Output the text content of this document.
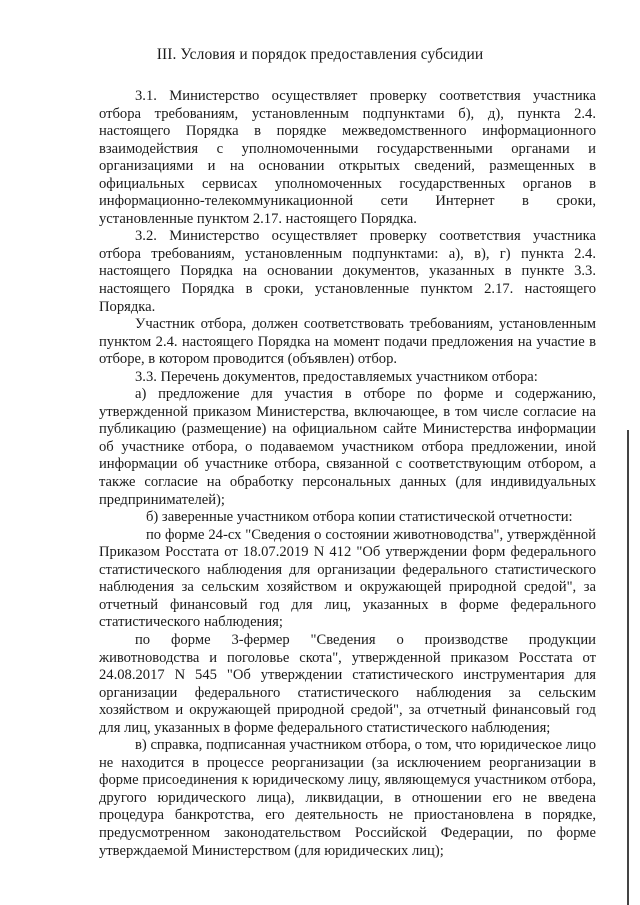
III. Условия и порядок предоставления субсидии

3.1. Министерство осуществляет проверку соответствия участника отбора требованиям, установленным подпунктами б), д), пункта 2.4. настоящего Порядка в порядке межведомственного информационного взаимодействия с уполномоченными государственными органами и организациями и на основании открытых сведений, размещенных в официальных сервисах уполномоченных государственных органов в информационно-телекоммуникационной сети Интернет в сроки, установленные пунктом 2.17. настоящего Порядка.

3.2. Министерство осуществляет проверку соответствия участника отбора требованиям, установленным подпунктами: а), в), г) пункта 2.4. настоящего Порядка на основании документов, указанных в пункте 3.3. настоящего Порядка в сроки, установленные пунктом 2.17. настоящего Порядка.

Участник отбора, должен соответствовать требованиям, установленным пунктом 2.4. настоящего Порядка на момент подачи предложения на участие в отборе, в котором проводится (объявлен) отбор.

3.3. Перечень документов, предоставляемых участником отбора:

а) предложение для участия в отборе по форме и содержанию, утвержденной приказом Министерства, включающее, в том числе согласие на публикацию (размещение) на официальном сайте Министерства информации об участнике отбора, о подаваемом участником отбора предложении, иной информации об участнике отбора, связанной с соответствующим отбором, а также согласие на обработку персональных данных (для индивидуальных предпринимателей);

б) заверенные участником отбора копии статистической отчетности:

по форме 24-сх "Сведения о состоянии животноводства", утверждённой Приказом Росстата от 18.07.2019 N 412 "Об утверждении форм федерального статистического наблюдения для организации федерального статистического наблюдения за сельским хозяйством и окружающей природной средой", за отчетный финансовый год для лиц, указанных в форме федерального статистического наблюдения;

по форме 3-фермер "Сведения о производстве продукции животноводства и поголовье скота", утвержденной приказом Росстата от 24.08.2017 N 545 "Об утверждении статистического инструментария для организации федерального статистического наблюдения за сельским хозяйством и окружающей природной средой", за отчетный финансовый год для лиц, указанных в форме федерального статистического наблюдения;

в) справка, подписанная участником отбора, о том, что юридическое лицо не находится в процессе реорганизации (за исключением реорганизации в форме присоединения к юридическому лицу, являющемуся участником отбора, другого юридического лица), ликвидации, в отношении его не введена процедура банкротства, его деятельность не приостановлена в порядке, предусмотренном законодательством Российской Федерации, по форме утверждаемой Министерством (для юридических лиц);
